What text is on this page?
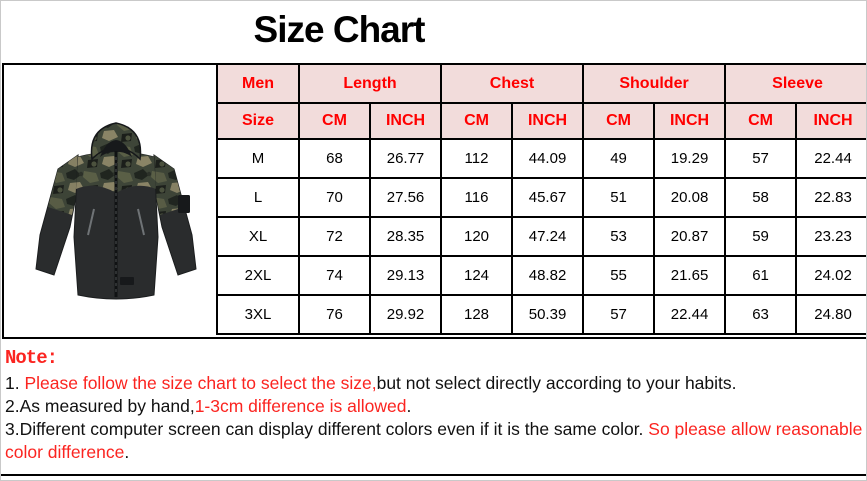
Size Chart
Men	Length		Chest		Shoulder		Sleeve	
Size	CM	INCH	CM	INCH	CM	INCH	CM	INCH
M	68	26.77	112	44.09	49	19.29	57	22.44
L	70	27.56	116	45.67	51	20.08	58	22.83
XL	72	28.35	120	47.24	53	20.87	59	23.23
2XL	74	29.13	124	48.82	55	21.65	61	24.02
3XL	76	29.92	128	50.39	57	22.44	63	24.80
Note:
1. Please follow the size chart to select the size,but not select directly according to your habits.
2.As measured by hand,1-3cm difference is allowed.
3.Different computer screen can display different colors even if it is the same color. So please allow reasonable color difference.
